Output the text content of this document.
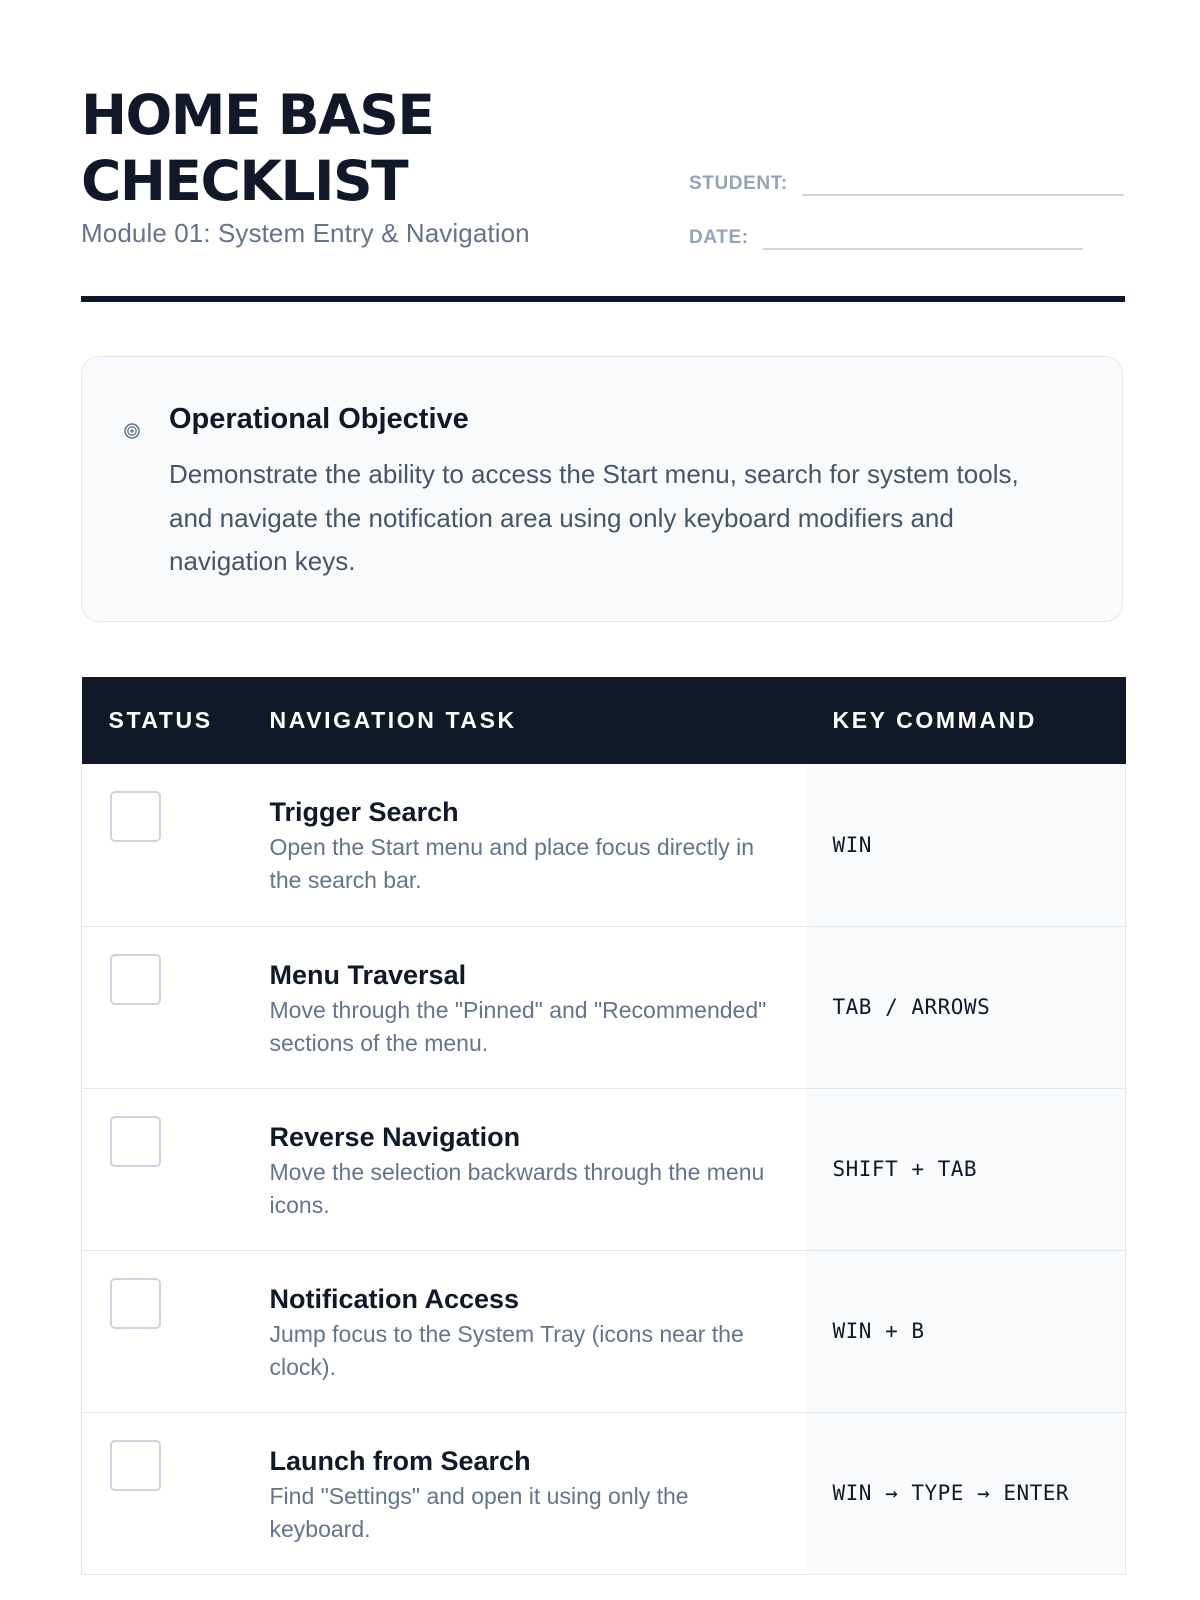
HOME BASE CHECKLIST
Module 01: System Entry & Navigation
STUDENT:
DATE:
Operational Objective
Demonstrate the ability to access the Start menu, search for system tools, and navigate the notification area using only keyboard modifiers and navigation keys.
STATUS	NAVIGATION TASK	KEY COMMAND

	Trigger Search
Open the Start menu and place focus directly in the search bar.	WIN

	Menu Traversal
Move through the "Pinned" and "Recommended" sections of the menu.	TAB / ARROWS

	Reverse Navigation
Move the selection backwards through the menu icons.	SHIFT + TAB

	Notification Access
Jump focus to the System Tray (icons near the clock).	WIN + B

	Launch from Search
Find "Settings" and open it using only the keyboard.	WIN → TYPE → ENTER
